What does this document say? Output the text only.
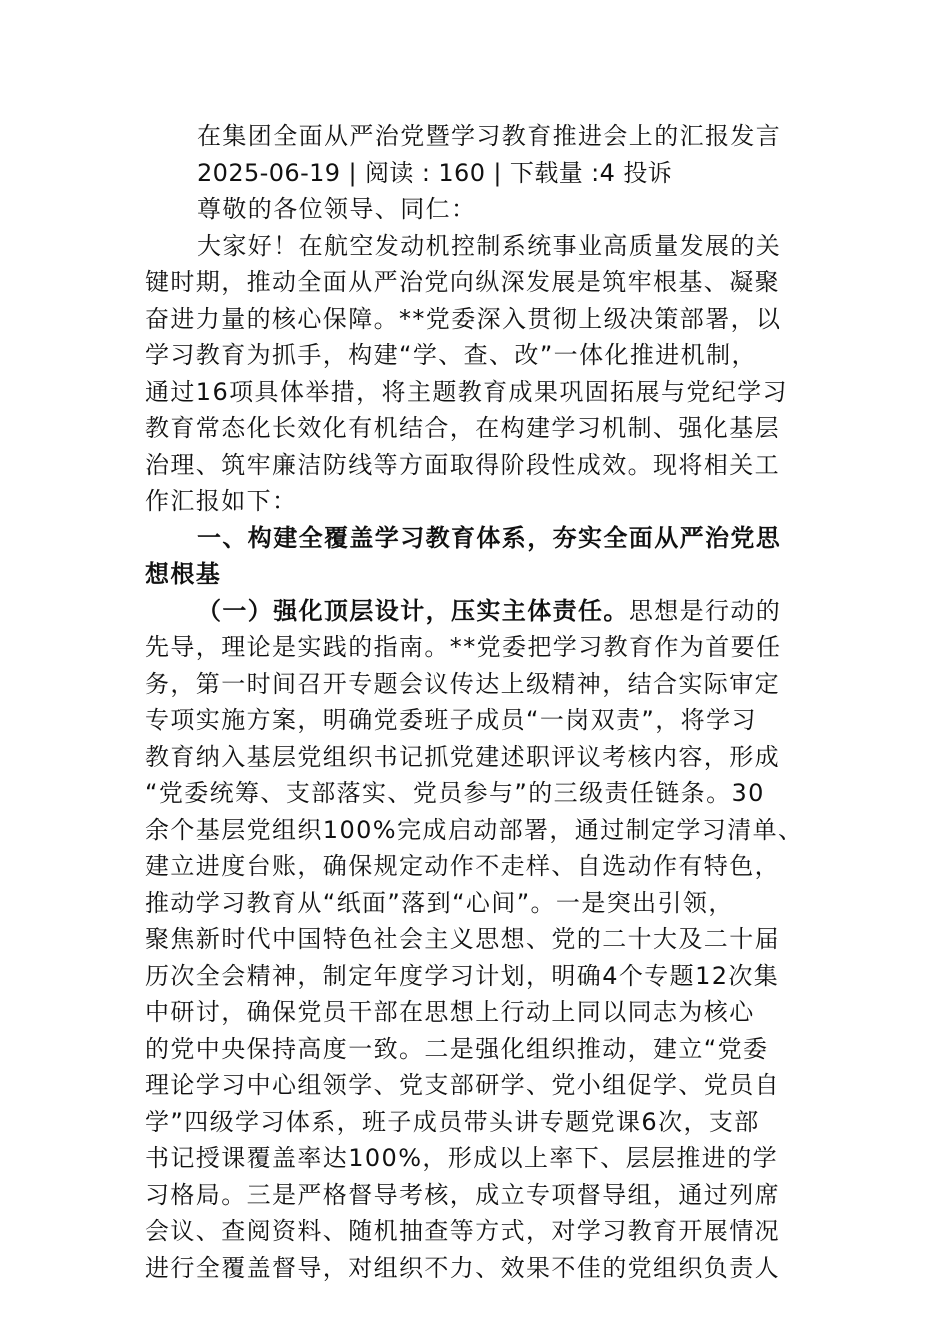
在集团全面从严治党暨学习教育推进会上的汇报发言
2025-06-19 | 阅读 : 160 | 下载量 :4 投诉
尊敬的各位领导、同仁：
大家好！在航空发动机控制系统事业高质量发展的关
键时期，推动全面从严治党向纵深发展是筑牢根基、凝聚
奋进力量的核心保障。**党委深入贯彻上级决策部署，以
学习教育为抓手，构建“学、查、改”一体化推进机制，
通过16项具体举措，将主题教育成果巩固拓展与党纪学习
教育常态化长效化有机结合，在构建学习机制、强化基层
治理、筑牢廉洁防线等方面取得阶段性成效。现将相关工
作汇报如下：
一、构建全覆盖学习教育体系，夯实全面从严治党思
想根基
（一）强化顶层设计，压实主体责任。思想是行动的
先导，理论是实践的指南。**党委把学习教育作为首要任
务，第一时间召开专题会议传达上级精神，结合实际审定
专项实施方案，明确党委班子成员“一岗双责”，将学习
教育纳入基层党组织书记抓党建述职评议考核内容，形成
“党委统筹、支部落实、党员参与”的三级责任链条。30
余个基层党组织100%完成启动部署，通过制定学习清单、
建立进度台账，确保规定动作不走样、自选动作有特色，
推动学习教育从“纸面”落到“心间”。一是突出引领，
聚焦新时代中国特色社会主义思想、党的二十大及二十届
历次全会精神，制定年度学习计划，明确4个专题12次集
中研讨，确保党员干部在思想上行动上同以同志为核心
的党中央保持高度一致。二是强化组织推动，建立“党委
理论学习中心组领学、党支部研学、党小组促学、党员自
学”四级学习体系，班子成员带头讲专题党课6次，支部
书记授课覆盖率达100%，形成以上率下、层层推进的学
习格局。三是严格督导考核，成立专项督导组，通过列席
会议、查阅资料、随机抽查等方式，对学习教育开展情况
进行全覆盖督导，对组织不力、效果不佳的党组织负责人
